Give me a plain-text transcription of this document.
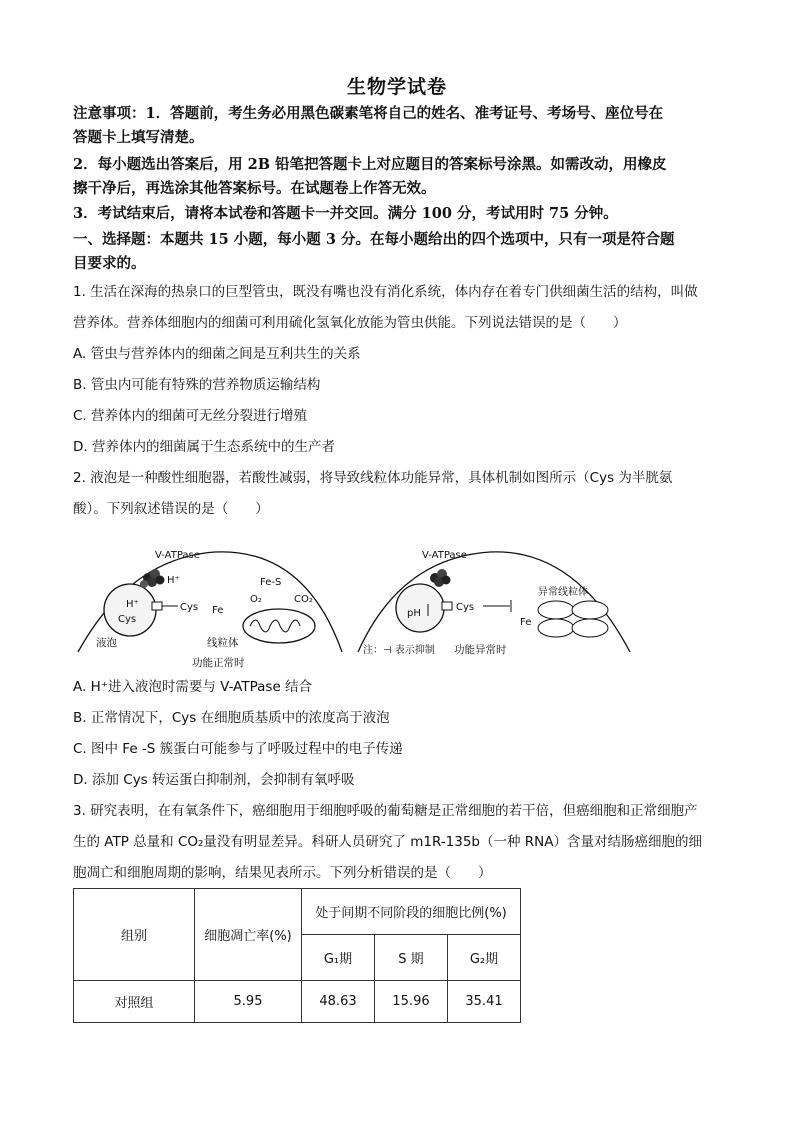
生物学试卷
注意事项：1．答题前，考生务必用黑色碳素笔将自己的姓名、准考证号、考场号、座位号在
答题卡上填写清楚。
2．每小题选出答案后，用 2B 铅笔把答题卡上对应题目的答案标号涂黑。如需改动，用橡皮
擦干净后，再选涂其他答案标号。在试题卷上作答无效。
3．考试结束后，请将本试卷和答题卡一并交回。满分 100 分，考试用时 75 分钟。
一、选择题：本题共 15 小题，每小题 3 分。在每小题给出的四个选项中，只有一项是符合题
目要求的。
1. 生活在深海的热泉口的巨型管虫，既没有嘴也没有消化系统，体内存在着专门供细菌生活的结构，叫做
营养体。营养体细胞内的细菌可利用硫化氢氧化放能为管虫供能。下列说法错误的是（　　）
A. 管虫与营养体内的细菌之间是互利共生的关系
B. 管虫内可能有特殊的营养物质运输结构
C. 营养体内的细菌可无丝分裂进行增殖
D. 营养体内的细菌属于生态系统中的生产者
2. 液泡是一种酸性细胞器，若酸性减弱，将导致线粒体功能异常，具体机制如图所示（Cys 为半胱氨
酸）。下列叙述错误的是（　　）
V-ATPase
H⁺
H⁺
Cys
Cys
Fe-S
Fe
O₂	CO₂
液泡	线粒体
功能正常时
V-ATPase
pH
Cys
异常线粒体
Fe
注：⊣ 表示抑制 功能异常时
A. H⁺进入液泡时需要与 V-ATPase 结合
B. 正常情况下，Cys 在细胞质基质中的浓度高于液泡
C. 图中 Fe -S 簇蛋白可能参与了呼吸过程中的电子传递
D. 添加 Cys 转运蛋白抑制剂，会抑制有氧呼吸
3. 研究表明，在有氧条件下，癌细胞用于细胞呼吸的葡萄糖是正常细胞的若干倍，但癌细胞和正常细胞产
生的 ATP 总量和 CO₂量没有明显差异。科研人员研究了 m1R-135b（一种 RNA）含量对结肠癌细胞的细
胞凋亡和细胞周期的影响，结果见表所示。下列分析错误的是（　　）
组别	细胞凋亡率(%)	处于间期不同阶段的细胞比例(%)		
		G₁期	S 期	G₂期
对照组	5.95	48.63	15.96	35.41
